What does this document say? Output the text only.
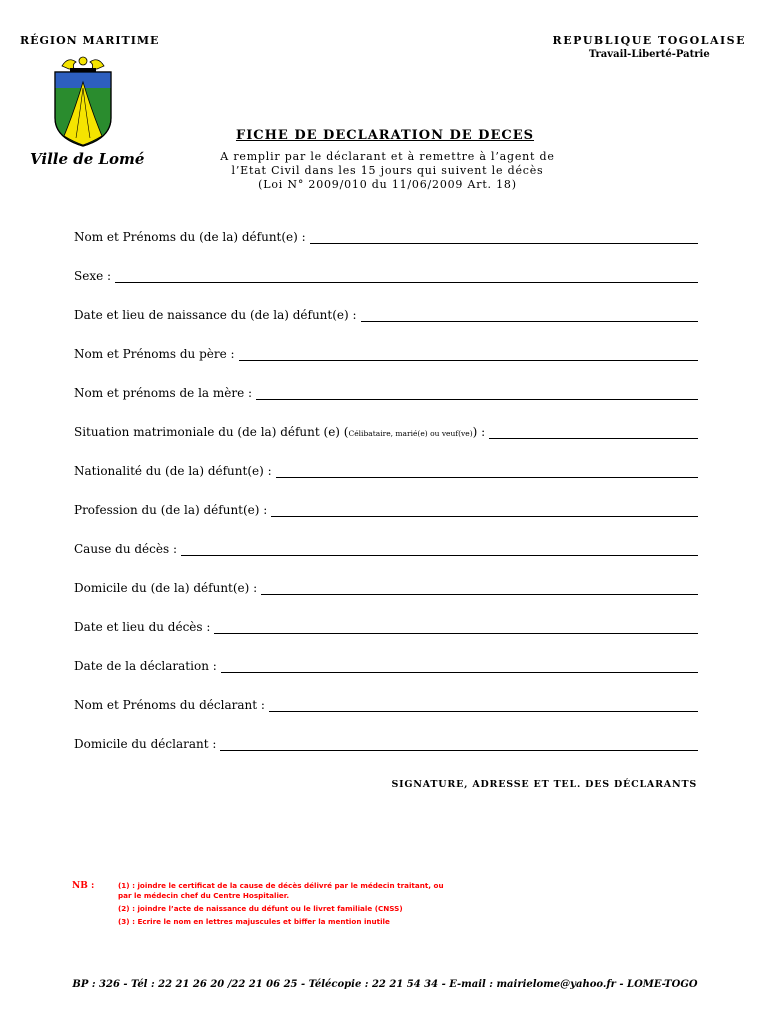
RÉGION MARITIME	REPUBLIQUE TOGOLAISE
Travail-Liberté-Patrie
Ville de Lomé
FICHE DE DECLARATION DE DECES
A remplir par le déclarant et à remettre à l’agent de
l’Etat Civil dans les 15 jours qui suivent le décès
(Loi N° 2009/010 du 11/06/2009 Art. 18)
Nom et Prénoms du (de la) défunt(e) :
Sexe :
Date et lieu de naissance du (de la) défunt(e) :
Nom et Prénoms du père :
Nom et prénoms de la mère :
Situation matrimoniale du (de la) défunt (e) (Célibataire, marié(e) ou veuf(ve)) :
Nationalité du (de la) défunt(e) :
Profession du (de la) défunt(e) :
Cause du décès :
Domicile du (de la) défunt(e) :
Date et lieu du décès :
Date de la déclaration :
Nom et Prénoms du déclarant :
Domicile du déclarant :
SIGNATURE, ADRESSE ET TEL. DES DÉCLARANTS
NB :	(1) : joindre le certificat de la cause de décès délivré par le médecin traitant, ou par le médecin chef du Centre Hospitalier.
(2) : joindre l’acte de naissance du défunt ou le livret familiale (CNSS)
(3) : Ecrire le nom en lettres majuscules et biffer la mention inutile
BP : 326 - Tél : 22 21 26 20 /22 21 06 25 - Télécopie : 22 21 54 34 - E-mail : mairielome@yahoo.fr - LOME-TOGO
